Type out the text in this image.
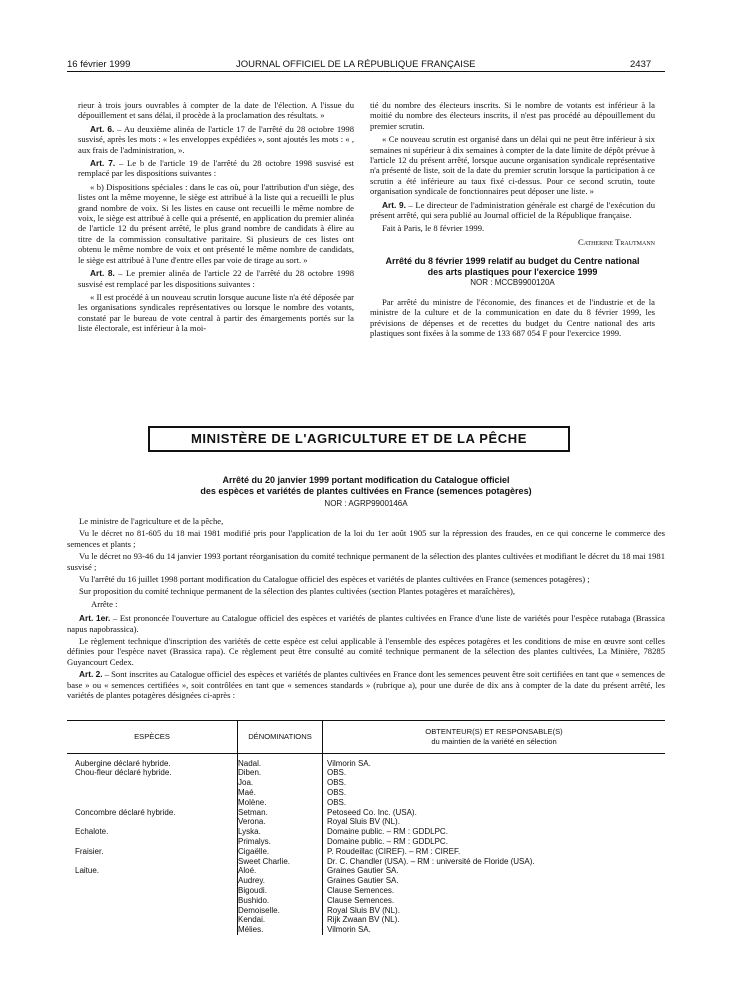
16 février 1999	JOURNAL OFFICIEL DE LA RÉPUBLIQUE FRANÇAISE	2437

rieur à trois jours ouvrables à compter de la date de l'élection. A l'issue du dépouillement et sans délai, il procède à la proclamation des résultats. »

Art. 6. – Au deuxième alinéa de l'article 17 de l'arrêté du 28 octobre 1998 susvisé, après les mots : « les enveloppes expédiées », sont ajoutés les mots : « , aux frais de l'administration, ».

Art. 7. – Le b de l'article 19 de l'arrêté du 28 octobre 1998 susvisé est remplacé par les dispositions suivantes :

« b) Dispositions spéciales : dans le cas où, pour l'attribution d'un siège, des listes ont la même moyenne, le siège est attribué à la liste qui a recueilli le plus grand nombre de voix. Si les listes en cause ont recueilli le même nombre de voix, le siège est attribué à celle qui a présenté, en application du premier alinéa de l'article 12 du présent arrêté, le plus grand nombre de candidats à élire au titre de la commission consultative paritaire. Si plusieurs de ces listes ont obtenu le même nombre de voix et ont présenté le même nombre de candidats, le siège est attribué à l'une d'entre elles par voie de tirage au sort. »

Art. 8. – Le premier alinéa de l'article 22 de l'arrêté du 28 octobre 1998 susvisé est remplacé par les dispositions suivantes :

« Il est procédé à un nouveau scrutin lorsque aucune liste n'a été déposée par les organisations syndicales représentatives ou lorsque le nombre des votants, constaté par le bureau de vote central à partir des émargements portés sur la liste électorale, est inférieur à la moi-

tié du nombre des électeurs inscrits. Si le nombre de votants est inférieur à la moitié du nombre des électeurs inscrits, il n'est pas procédé au dépouillement du premier scrutin.

« Ce nouveau scrutin est organisé dans un délai qui ne peut être inférieur à six semaines ni supérieur à dix semaines à compter de la date limite de dépôt prévue à l'article 12 du présent arrêté, lorsque aucune organisation syndicale représentative n'a présenté de liste, soit de la date du premier scrutin lorsque la participation à ce scrutin a été inférieure au taux fixé ci-dessus. Pour ce second scrutin, toute organisation syndicale de fonctionnaires peut déposer une liste. »

Art. 9. – Le directeur de l'administration générale est chargé de l'exécution du présent arrêté, qui sera publié au Journal officiel de la République française.

Fait à Paris, le 8 février 1999.

Catherine Trautmann

Arrêté du 8 février 1999 relatif au budget du Centre national des arts plastiques pour l'exercice 1999
NOR : MCCB9900120A

Par arrêté du ministre de l'économie, des finances et de l'industrie et de la ministre de la culture et de la communication en date du 8 février 1999, les prévisions de dépenses et de recettes du budget du Centre national des arts plastiques sont fixées à la somme de 133 687 054 F pour l'exercice 1999.

MINISTÈRE DE L'AGRICULTURE ET DE LA PÊCHE
Arrêté du 20 janvier 1999 portant modification du Catalogue officiel
des espèces et variétés de plantes cultivées en France (semences potagères)
NOR : AGRP9900146A

Le ministre de l'agriculture et de la pêche,

Vu le décret no 81-605 du 18 mai 1981 modifié pris pour l'application de la loi du 1er août 1905 sur la répression des fraudes, en ce qui concerne le commerce des semences et plants ;

Vu le décret no 93-46 du 14 janvier 1993 portant réorganisation du comité technique permanent de la sélection des plantes cultivées et modifiant le décret du 18 mai 1981 susvisé ;

Vu l'arrêté du 16 juillet 1998 portant modification du Catalogue officiel des espèces et variétés de plantes cultivées en France (semences potagères) ;

Sur proposition du comité technique permanent de la sélection des plantes cultivées (section Plantes potagères et maraîchères),

Arrête :

Art. 1er. – Est prononcée l'ouverture au Catalogue officiel des espèces et variétés de plantes cultivées en France d'une liste de variétés pour l'espèce rutabaga (Brassica napus napobrassica).

Le règlement technique d'inscription des variétés de cette espèce est celui applicable à l'ensemble des espèces potagères et les conditions de mise en œuvre sont celles définies pour l'espèce navet (Brassica rapa). Ce règlement peut être consulté au comité technique permanent de la sélection des plantes cultivées, La Minière, 78285 Guyancourt Cedex.

Art. 2. – Sont inscrites au Catalogue officiel des espèces et variétés de plantes cultivées en France dont les semences peuvent être soit certifiées en tant que « semences de base » ou « semences certifiées », soit contrôlées en tant que « semences standards » (rubrique a), pour une durée de dix ans à compter de la date du présent arrêté, les variétés de plantes potagères désignées ci-après :

ESPÈCES	DÉNOMINATIONS	OBTENTEUR(S) ET RESPONSABLE(S)
du maintien de la variété en sélection

Aubergine déclaré hybride.	Nadal.	Vilmorin SA.
Chou-fleur déclaré hybride.	Diben.	OBS.
	Joa.	OBS.
	Maé.	OBS.
	Molène.	OBS.
Concombre déclaré hybride.	Setman.	Petoseed Co. Inc. (USA).
	Verona.	Royal Sluis BV (NL).
Echalote.	Lyska.	Domaine public. – RM : GDDLPC.
	Primalys.	Domaine public. – RM : GDDLPC.
Fraisier.	Cigaëlle.	P. Roudeillac (CIREF). – RM : CIREF.
	Sweet Charlie.	Dr. C. Chandler (USA). – RM : université de Floride (USA).
Laitue.	Aloé.	Graines Gautier SA.
	Audrey.	Graines Gautier SA.
	Bigoudi.	Clause Semences.
	Bushido.	Clause Semences.
	Demoiselle.	Royal Sluis BV (NL).
	Kendai.	Rijk Zwaan BV (NL).
	Mélies.	Vilmorin SA.
